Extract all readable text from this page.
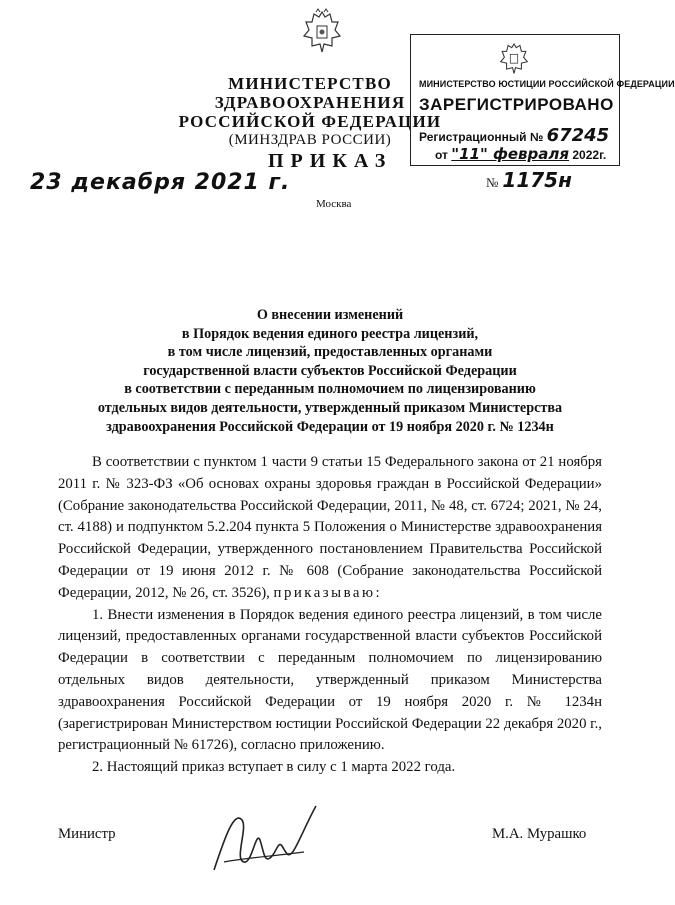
МИНИСТЕРСТВО ЗДРАВООХРАНЕНИЯ
РОССИЙСКОЙ ФЕДЕРАЦИИ
(МИНЗДРАВ РОССИИ)
МИНИСТЕРСТВО ЮСТИЦИИ РОССИЙСКОЙ ФЕДЕРАЦИИ
ЗАРЕГИСТРИРОВАНО
Регистрационный № 67245
от "11" февраля 2022г.
ПРИКАЗ
23 декабря 2021 г.
Москва
№ 1175н
О внесении изменений
в Порядок ведения единого реестра лицензий,
в том числе лицензий, предоставленных органами
государственной власти субъектов Российской Федерации
в соответствии с переданным полномочием по лицензированию
отдельных видов деятельности, утвержденный приказом Министерства
здравоохранения Российской Федерации от 19 ноября 2020 г. № 1234н

В соответствии с пунктом 1 части 9 статьи 15 Федерального закона от 21 ноября 2011 г. № 323-ФЗ «Об основах охраны здоровья граждан в Российской Федерации» (Собрание законодательства Российской Федерации, 2011, № 48, ст. 6724; 2021, № 24, ст. 4188) и подпунктом 5.2.204 пункта 5 Положения о Министерстве здравоохранения Российской Федерации, утвержденного постановлением Правительства Российской Федерации от 19 июня 2012 г. № 608 (Собрание законодательства Российской Федерации, 2012, № 26, ст. 3526), приказываю:

1. Внести изменения в Порядок ведения единого реестра лицензий, в том числе лицензий, предоставленных органами государственной власти субъектов Российской Федерации в соответствии с переданным полномочием по лицензированию отдельных видов деятельности, утвержденный приказом Министерства здравоохранения Российской Федерации от 19 ноября 2020 г. № 1234н (зарегистрирован Министерством юстиции Российской Федерации 22 декабря 2020 г., регистрационный № 61726), согласно приложению.

2. Настоящий приказ вступает в силу с 1 марта 2022 года.

Министр	М.А. Мурашко
